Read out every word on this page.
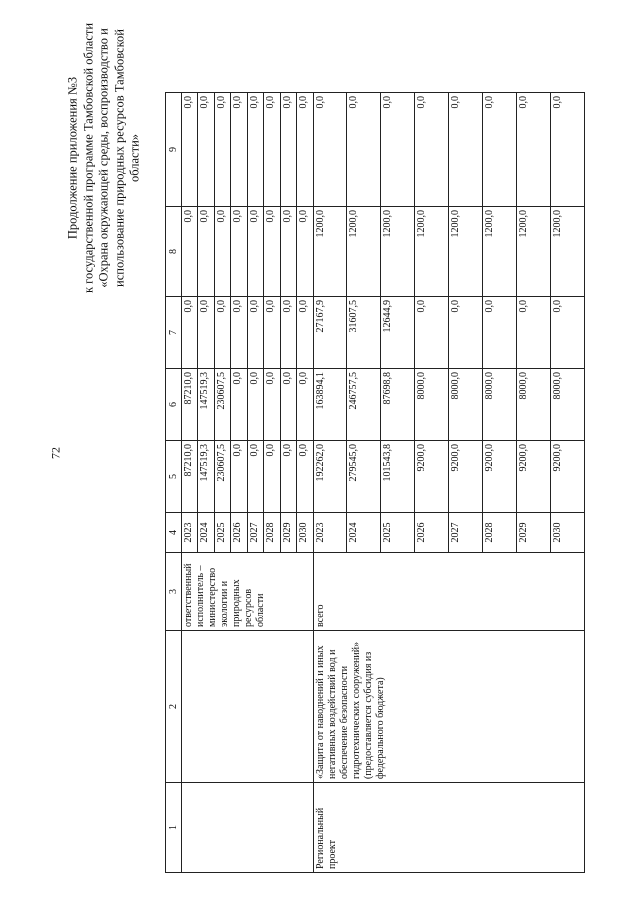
72
Продолжение приложения №3 к государственной программе Тамбовской области «Охрана окружающей среды, воспроизводство и использование природных ресурсов Тамбовской области»
1	2	3	4	5	6	7	8	9
		ответственный исполнитель – министерство экологии и природных ресурсов области	2023	87210,0	87210,0	0,0	0,0	0,0
			2024	147519,3	147519,3	0,0	0,0	0,0
			2025	230607,5	230607,5	0,0	0,0	0,0
			2026	0,0	0,0	0,0	0,0	0,0
			2027	0,0	0,0	0,0	0,0	0,0
			2028	0,0	0,0	0,0	0,0	0,0
			2029	0,0	0,0	0,0	0,0	0,0
			2030	0,0	0,0	0,0	0,0	0,0
Региональный проект	«Защита от наводнений и иных негативных воздействий вод и обеспечение безопасности гидротехнических сооружений» (предоставляется субсидия из федерального бюджета)	всего	2023	192262,0	163894,1	27167,9	1200,0	0,0
			2024	279545,0	246757,5	31607,5	1200,0	0,0
			2025	101543,8	87698,8	12644,9	1200,0	0,0
			2026	9200,0	8000,0	0,0	1200,0	0,0
			2027	9200,0	8000,0	0,0	1200,0	0,0
			2028	9200,0	8000,0	0,0	1200,0	0,0
			2029	9200,0	8000,0	0,0	1200,0	0,0
			2030	9200,0	8000,0	0,0	1200,0	0,0
